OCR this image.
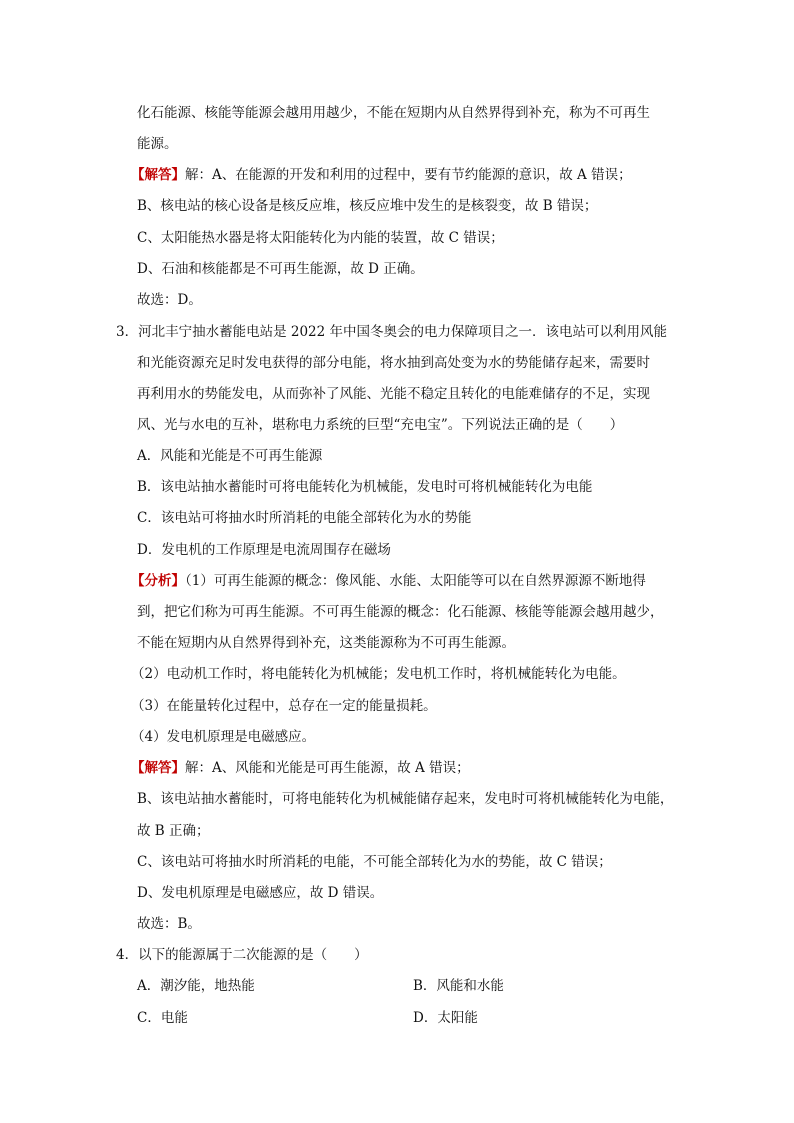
化石能源、核能等能源会越用用越少，不能在短期内从自然界得到补充，称为不可再生
能源。
【解答】解：A、在能源的开发和利用的过程中，要有节约能源的意识，故 A 错误；
B、核电站的核心设备是核反应堆，核反应堆中发生的是核裂变，故 B 错误；
C、太阳能热水器是将太阳能转化为内能的装置，故 C 错误；
D、石油和核能都是不可再生能源，故 D 正确。
故选：D。
3．河北丰宁抽水蓄能电站是 2022 年中国冬奥会的电力保障项目之一．该电站可以利用风能
和光能资源充足时发电获得的部分电能，将水抽到高处变为水的势能储存起来，需要时
再利用水的势能发电，从而弥补了风能、光能不稳定且转化的电能难储存的不足，实现
风、光与水电的互补，堪称电力系统的巨型“充电宝”。下列说法正确的是（　　）
A．风能和光能是不可再生能源
B．该电站抽水蓄能时可将电能转化为机械能，发电时可将机械能转化为电能
C．该电站可将抽水时所消耗的电能全部转化为水的势能
D．发电机的工作原理是电流周围存在磁场
【分析】（1）可再生能源的概念：像风能、水能、太阳能等可以在自然界源源不断地得
到，把它们称为可再生能源。不可再生能源的概念：化石能源、核能等能源会越用越少，
不能在短期内从自然界得到补充，这类能源称为不可再生能源。
（2）电动机工作时，将电能转化为机械能；发电机工作时，将机械能转化为电能。
（3）在能量转化过程中，总存在一定的能量损耗。
（4）发电机原理是电磁感应。
【解答】解：A、风能和光能是可再生能源，故 A 错误；
B、该电站抽水蓄能时，可将电能转化为机械能储存起来，发电时可将机械能转化为电能，
故 B 正确；
C、该电站可将抽水时所消耗的电能，不可能全部转化为水的势能，故 C 错误；
D、发电机原理是电磁感应，故 D 错误。
故选：B。
4．以下的能源属于二次能源的是（　　）
A．潮汐能，地热能	B．风能和水能
C．电能	D．太阳能
